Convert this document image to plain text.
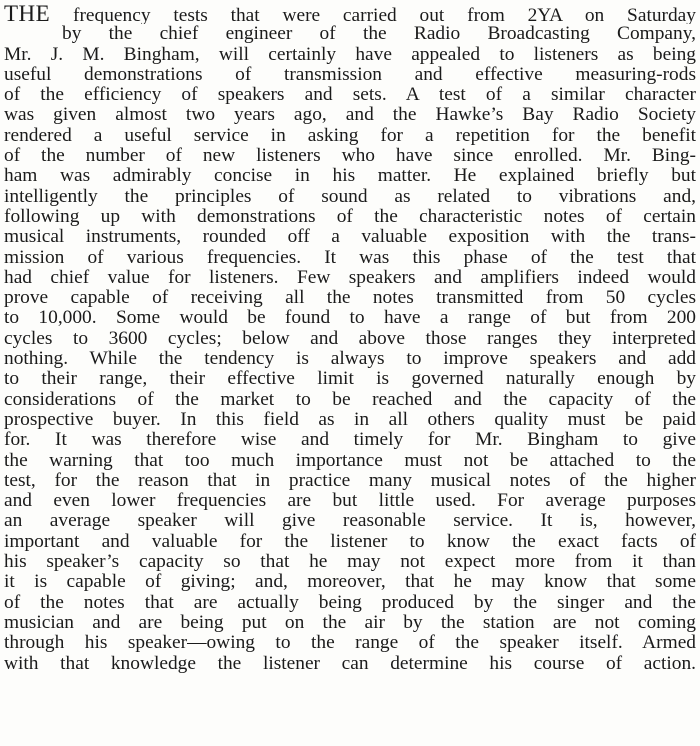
THE frequency tests that were carried out from 2YA on Saturday
by the chief engineer of the Radio Broadcasting Company,
Mr. J. M. Bingham, will certainly have appealed to listeners as being
useful demonstrations of transmission and effective measuring-rods
of the efficiency of speakers and sets. A test of a similar character
was given almost two years ago, and the Hawke’s Bay Radio Society
rendered a useful service in asking for a repetition for the benefit
of the number of new listeners who have since enrolled. Mr. Bing-
ham was admirably concise in his matter. He explained briefly but
intelligently the principles of sound as related to vibrations and,
following up with demonstrations of the characteristic notes of certain
musical instruments, rounded off a valuable exposition with the trans-
mission of various frequencies. It was this phase of the test that
had chief value for listeners. Few speakers and amplifiers indeed would
prove capable of receiving all the notes transmitted from 50 cycles
to 10,000. Some would be found to have a range of but from 200
cycles to 3600 cycles; below and above those ranges they interpreted
nothing. While the tendency is always to improve speakers and add
to their range, their effective limit is governed naturally enough by
considerations of the market to be reached and the capacity of the
prospective buyer. In this field as in all others quality must be paid
for. It was therefore wise and timely for Mr. Bingham to give
the warning that too much importance must not be attached to the
test, for the reason that in practice many musical notes of the higher
and even lower frequencies are but little used. For average purposes
an average speaker will give reasonable service. It is, however,
important and valuable for the listener to know the exact facts of
his speaker’s capacity so that he may not expect more from it than
it is capable of giving; and, moreover, that he may know that some
of the notes that are actually being produced by the singer and the
musician and are being put on the air by the station are not coming
through his speaker—owing to the range of the speaker itself. Armed
with that knowledge the listener can determine his course of action.
